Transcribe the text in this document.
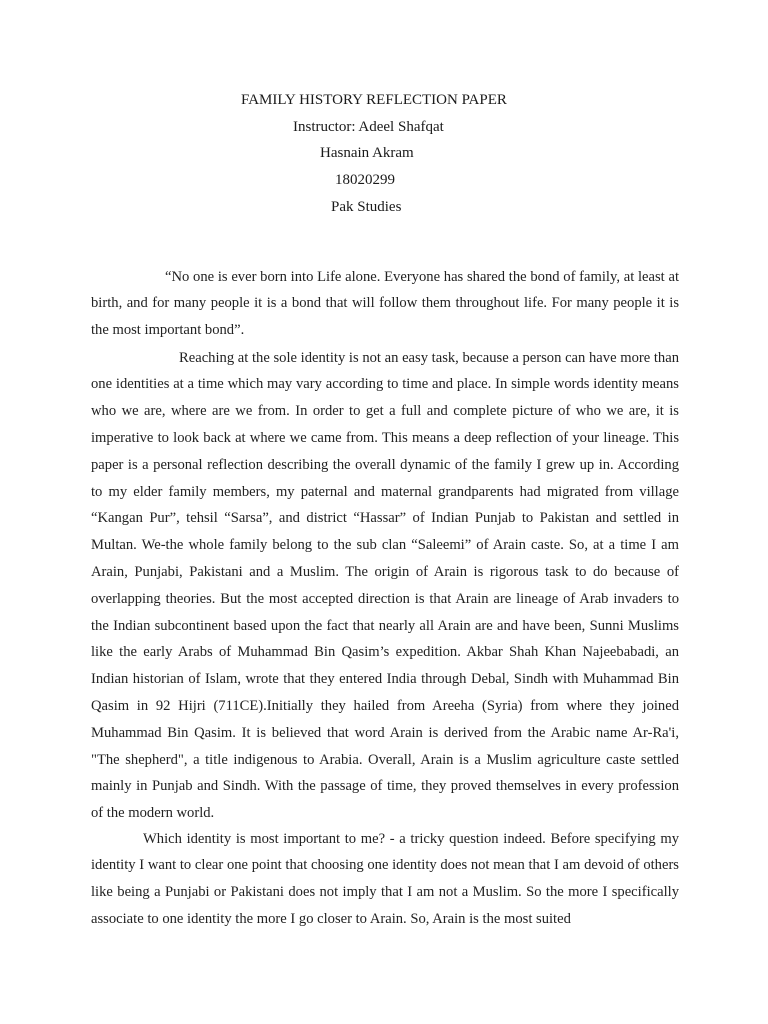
FAMILY HISTORY REFLECTION PAPER
Instructor: Adeel Shafqat
Hasnain Akram
18020299
Pak Studies

“No one is ever born into Life alone. Everyone has shared the bond of family, at least at birth, and for many people it is a bond that will follow them throughout life. For many people it is the most important bond”.

Reaching at the sole identity is not an easy task, because a person can have more than one identities at a time which may vary according to time and place. In simple words identity means who we are, where are we from. In order to get a full and complete picture of who we are, it is imperative to look back at where we came from. This means a deep reflection of your lineage. This paper is a personal reflection describing the overall dynamic of the family I grew up in. According to my elder family members, my paternal and maternal grandparents had migrated from village “Kangan Pur”, tehsil “Sarsa”, and district “Hassar” of Indian Punjab to Pakistan and settled in Multan. We-the whole family belong to the sub clan “Saleemi” of Arain caste. So, at a time I am Arain, Punjabi, Pakistani and a Muslim. The origin of Arain is rigorous task to do because of overlapping theories. But the most accepted direction is that Arain are lineage of Arab invaders to the Indian subcontinent based upon the fact that nearly all Arain are and have been, Sunni Muslims like the early Arabs of Muhammad Bin Qasim’s expedition. Akbar Shah Khan Najeebabadi, an Indian historian of Islam, wrote that they entered India through Debal, Sindh with Muhammad Bin Qasim in 92 Hijri (711CE).Initially they hailed from Areeha (Syria) from where they joined Muhammad Bin Qasim. It is believed that word Arain is derived from the Arabic name Ar-Ra'i, "The shepherd", a title indigenous to Arabia. Overall, Arain is a Muslim agriculture caste settled mainly in Punjab and Sindh. With the passage of time, they proved themselves in every profession of the modern world.

Which identity is most important to me? - a tricky question indeed. Before specifying my identity I want to clear one point that choosing one identity does not mean that I am devoid of others like being a Punjabi or Pakistani does not imply that I am not a Muslim. So the more I specifically associate to one identity the more I go closer to Arain. So, Arain is the most suited
